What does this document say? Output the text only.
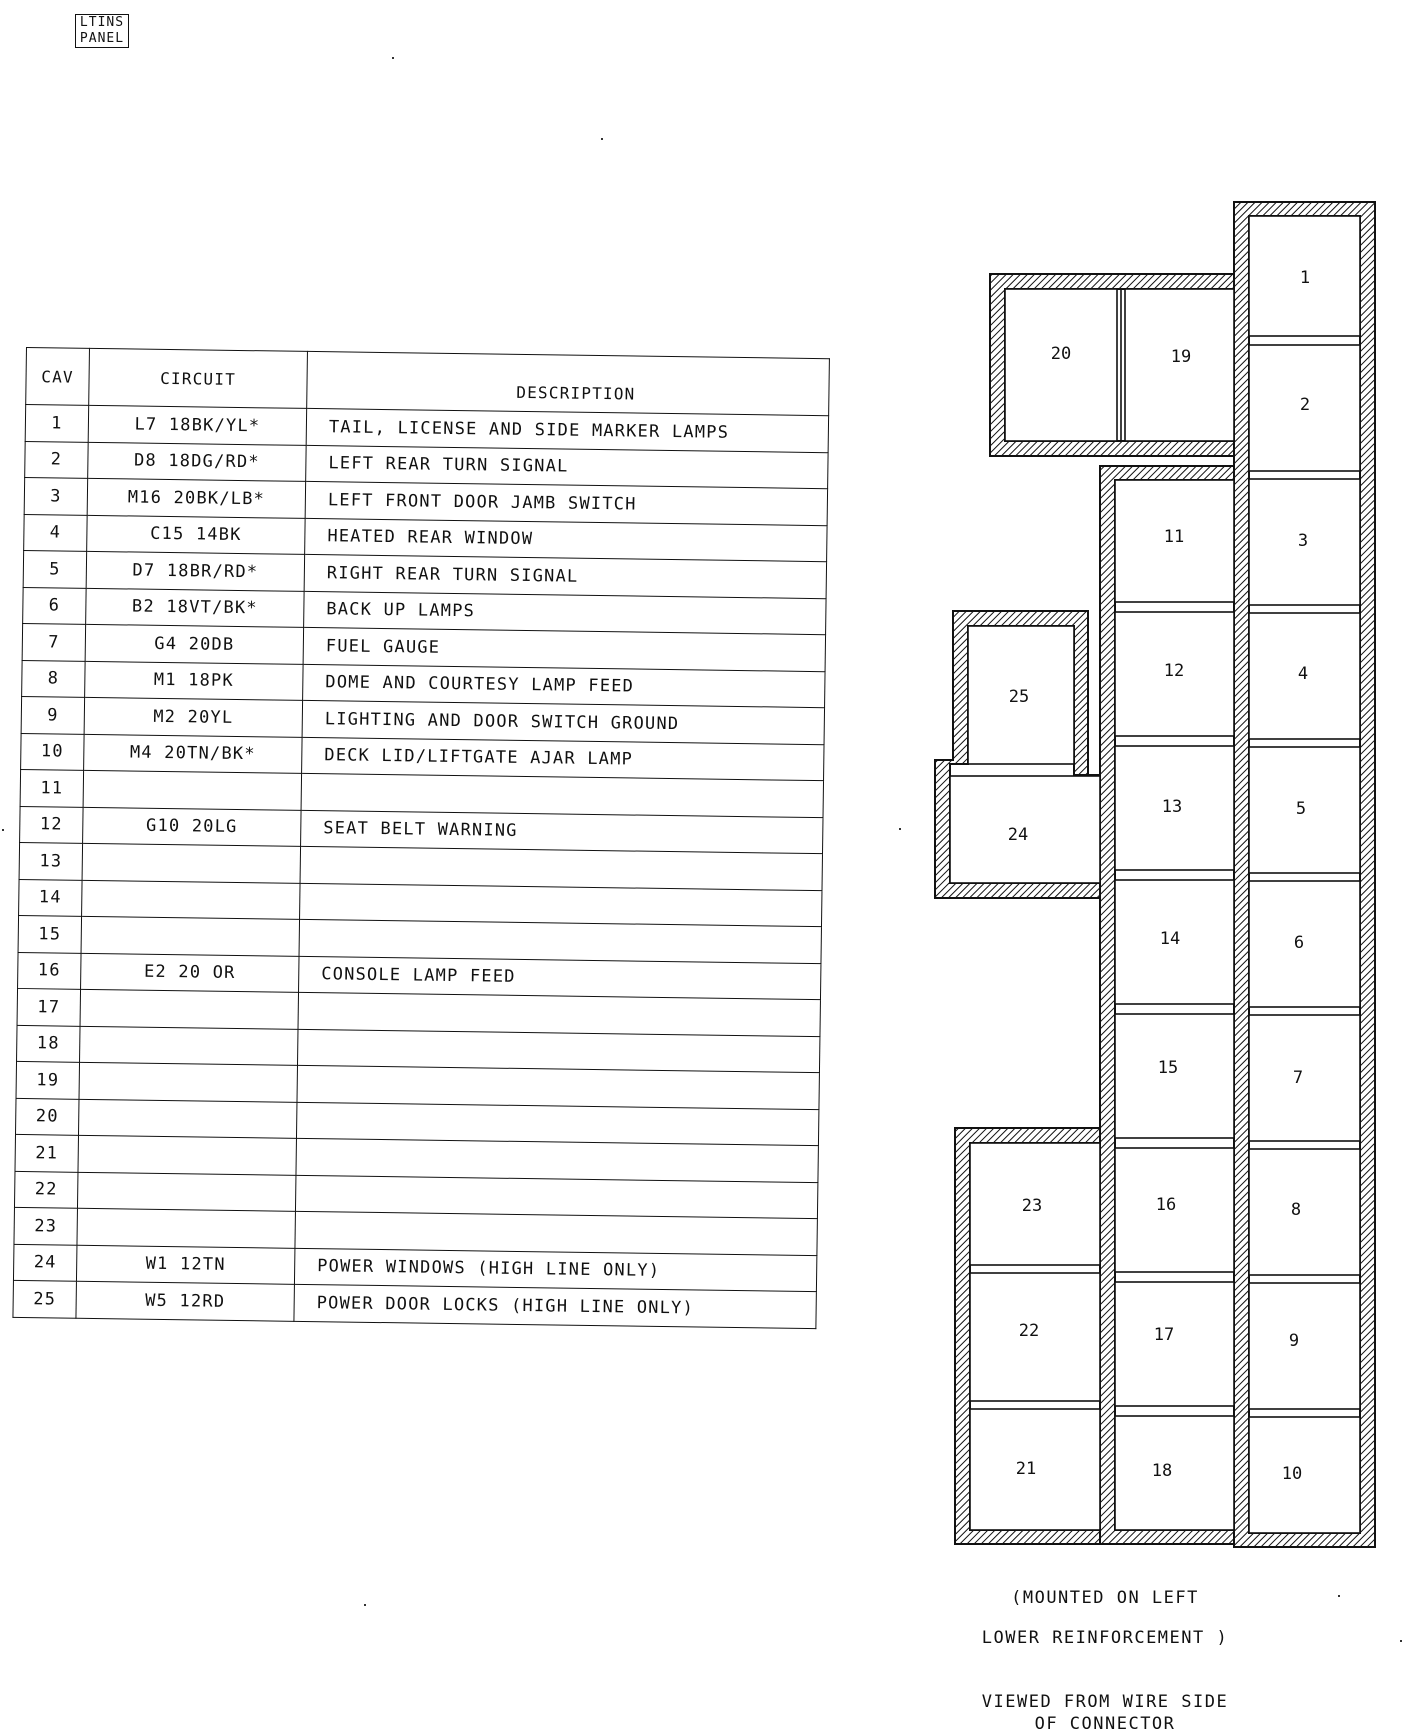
LTINS
PANEL
CAV	CIRCUIT	DESCRIPTION
1	L7 18BK/YL*	TAIL, LICENSE AND SIDE MARKER LAMPS
2	D8 18DG/RD*	LEFT REAR TURN SIGNAL
3	M16 20BK/LB*	LEFT FRONT DOOR JAMB SWITCH
4	C15 14BK	HEATED REAR WINDOW
5	D7 18BR/RD*	RIGHT REAR TURN SIGNAL
6	B2 18VT/BK*	BACK UP LAMPS
7	G4 20DB	FUEL GAUGE
8	M1 18PK	DOME AND COURTESY LAMP FEED
9	M2 20YL	LIGHTING AND DOOR SWITCH GROUND
10	M4 20TN/BK*	DECK LID/LIFTGATE AJAR LAMP
11		
12	G10 20LG	SEAT BELT WARNING
13		
14		
15		
16	E2 20 OR	CONSOLE LAMP FEED
17		
18		
19		
20		
21		
22		
23		
24	W1 12TN	POWER WINDOWS (HIGH LINE ONLY)
25	W5 12RD	POWER DOOR LOCKS (HIGH LINE ONLY)
1
2
3
4
5
6
7
8
9
10
11
12
13
14
15
16
17
18
19
20
21
22
23
24
25
(MOUNTED ON LEFT
LOWER REINFORCEMENT )
VIEWED FROM WIRE SIDE
OF CONNECTOR
